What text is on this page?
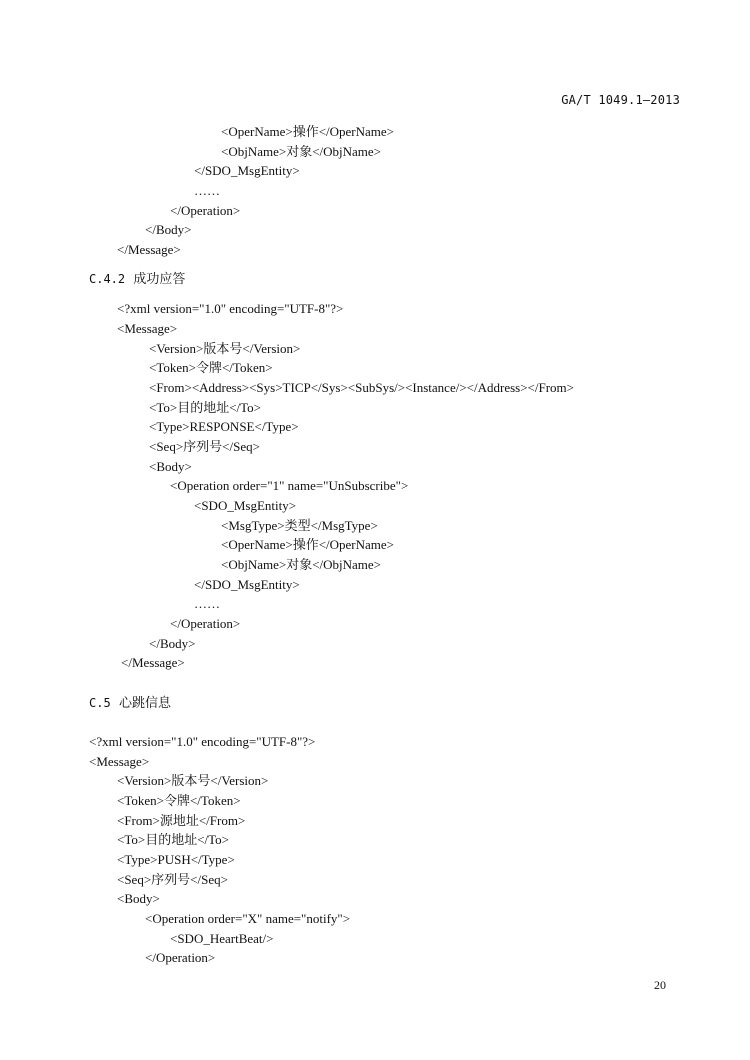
GA/T 1049.1—2013
<OperName>操作</OperName>
<ObjName>对象</ObjName>
</SDO_MsgEntity>
……
</Operation>
</Body>
</Message>
C.4.2 成功应答
<?xml version="1.0" encoding="UTF-8"?>
<Message>
<Version>版本号</Version>
<Token>令牌</Token>
<From><Address><Sys>TICP</Sys><SubSys/><Instance/></Address></From>
<To>目的地址</To>
<Type>RESPONSE</Type>
<Seq>序列号</Seq>
<Body>
<Operation order="1" name="UnSubscribe">
<SDO_MsgEntity>
<MsgType>类型</MsgType>
<OperName>操作</OperName>
<ObjName>对象</ObjName>
</SDO_MsgEntity>
……
</Operation>
</Body>
</Message>
C.5 心跳信息
<?xml version="1.0" encoding="UTF-8"?>
<Message>
<Version>版本号</Version>
<Token>令牌</Token>
<From>源地址</From>
<To>目的地址</To>
<Type>PUSH</Type>
<Seq>序列号</Seq>
<Body>
<Operation order="X" name="notify">
<SDO_HeartBeat/>
</Operation>
20
